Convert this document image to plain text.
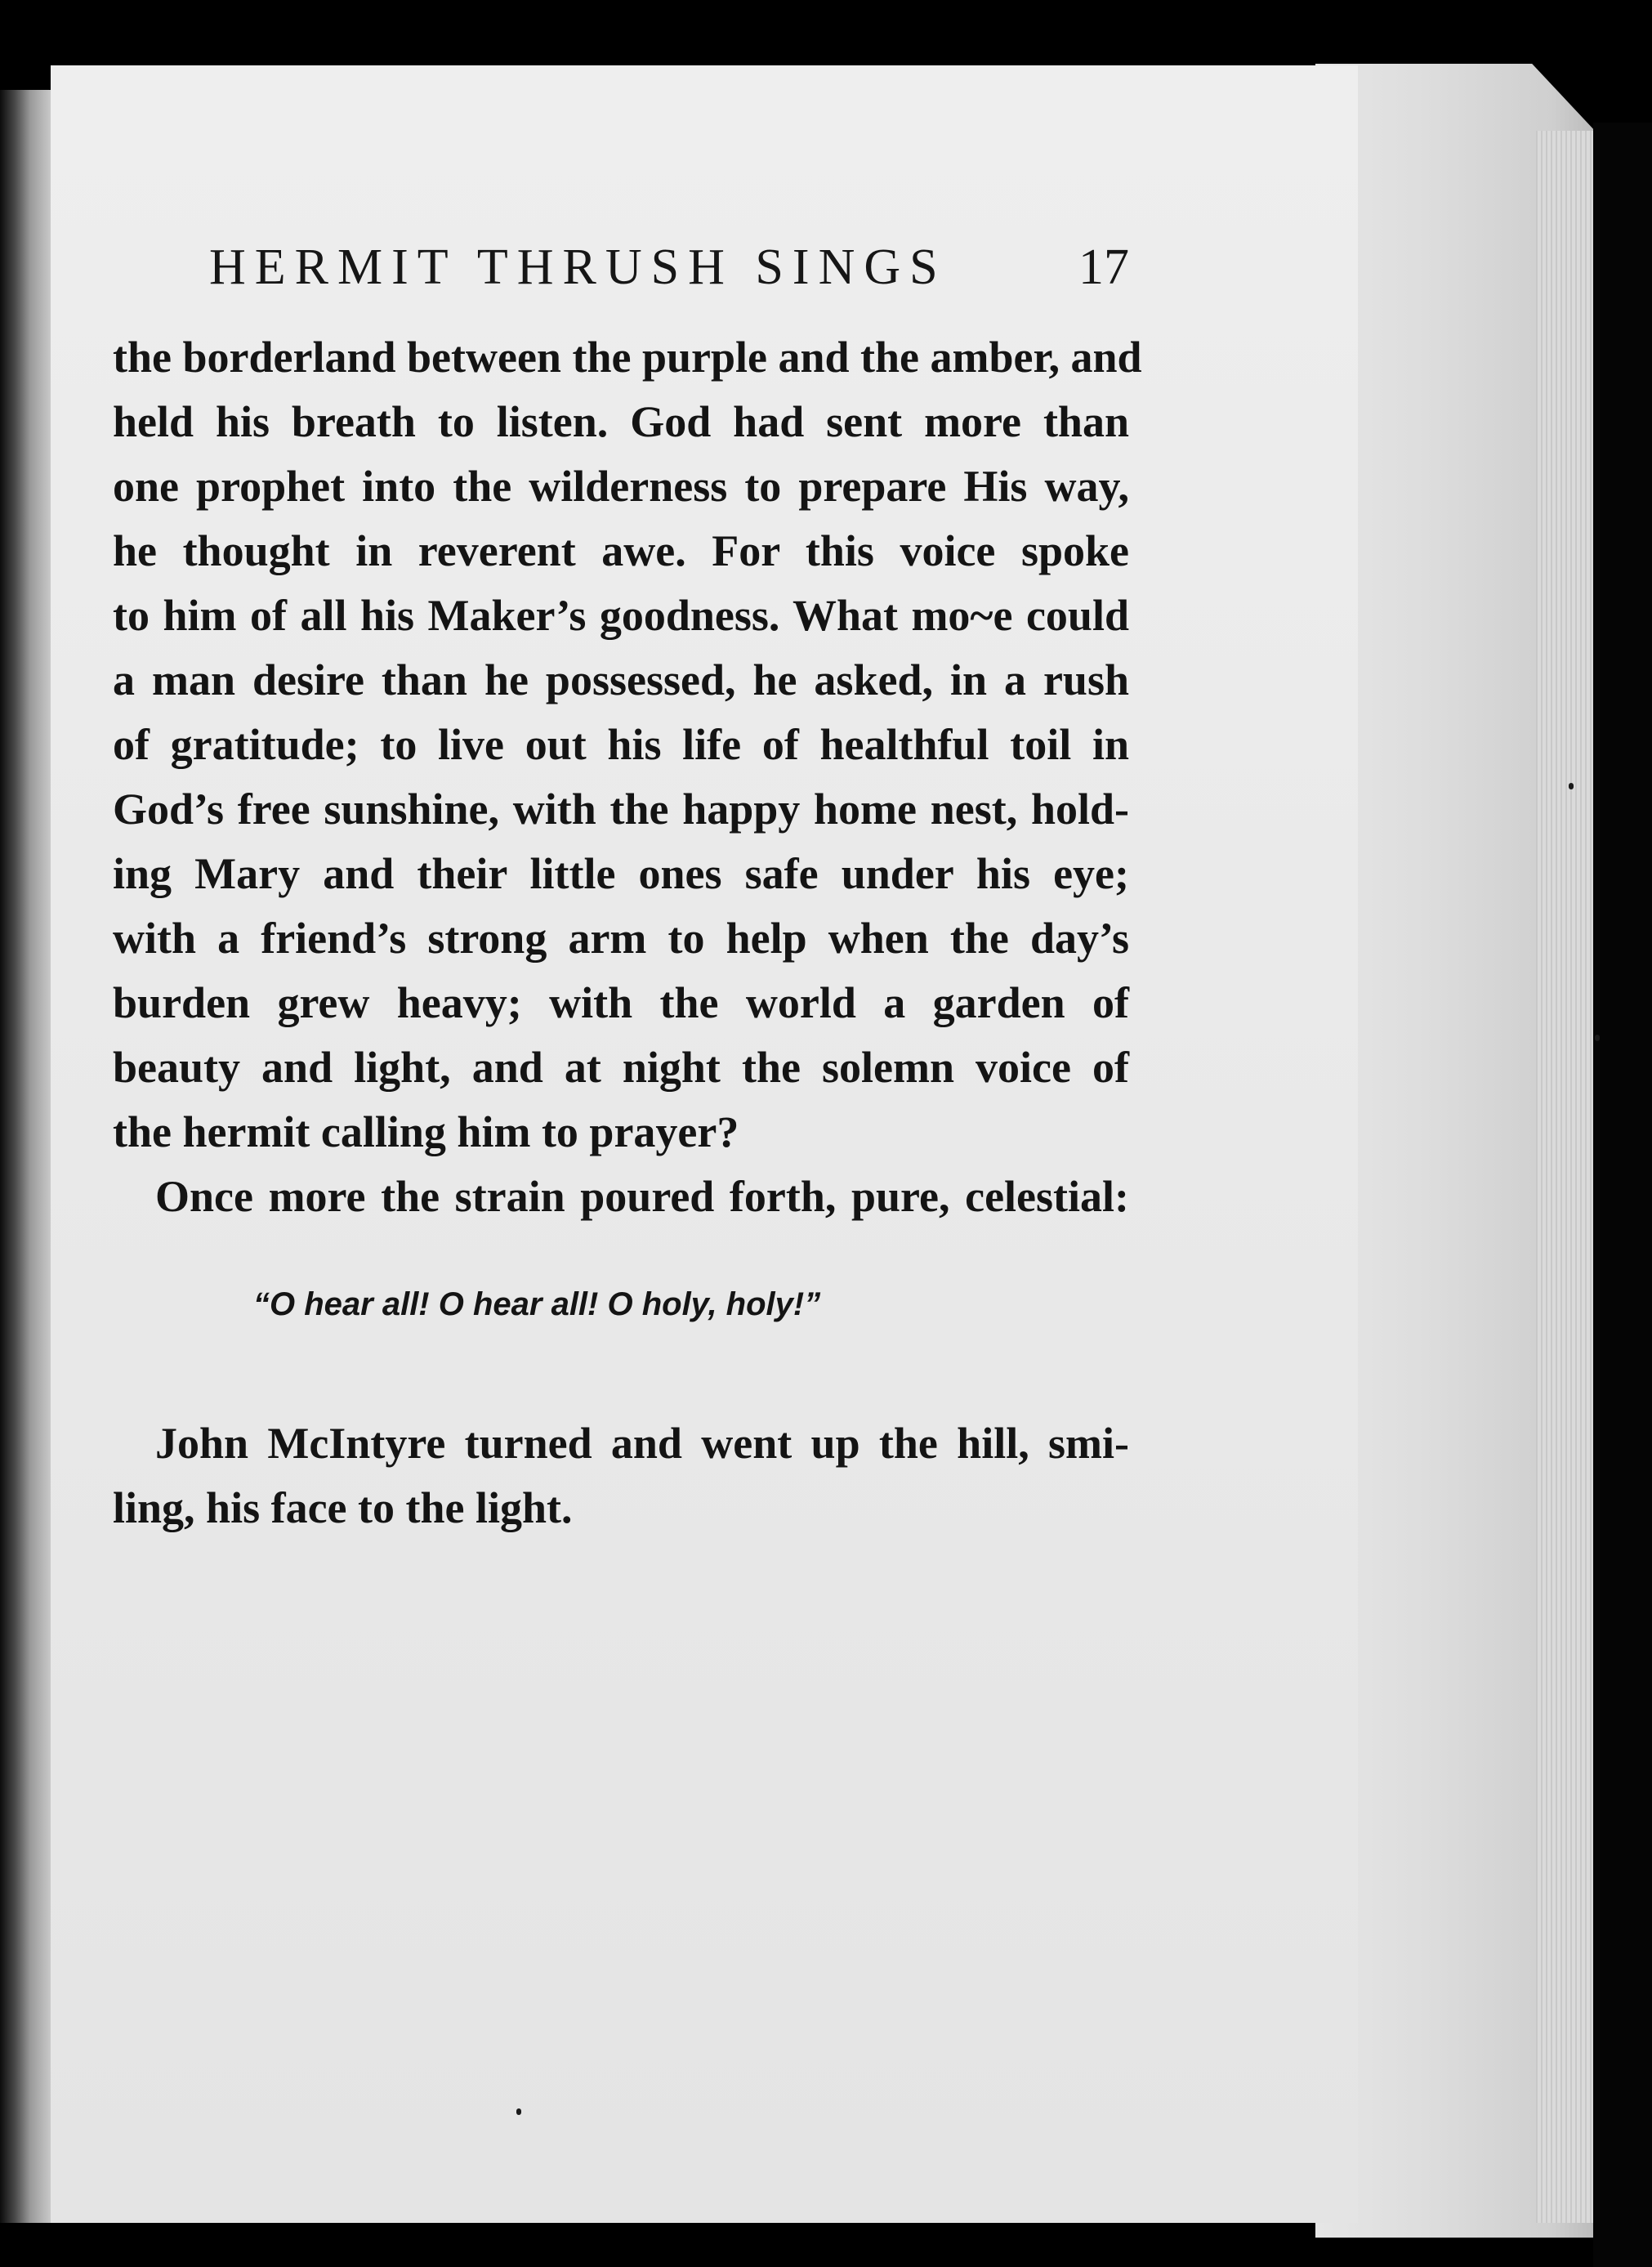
HERMIT THRUSH SINGS	17
the borderland between the purple and the amber, and
held his breath to listen. God had sent more than
one prophet into the wilderness to prepare His way,
he thought in reverent awe. For this voice spoke
to him of all his Maker’s goodness. What mo~e could
a man desire than he possessed, he asked, in a rush
of gratitude; to live out his life of healthful toil in
God’s free sunshine, with the happy home nest, hold-
ing Mary and their little ones safe under his eye;
with a friend’s strong arm to help when the day’s
burden grew heavy; with the world a garden of
beauty and light, and at night the solemn voice of
the hermit calling him to prayer?
Once more the strain poured forth, pure, celestial:
“O hear all! O hear all! O holy, holy!”
John McIntyre turned and went up the hill, smi-
ling, his face to the light.
